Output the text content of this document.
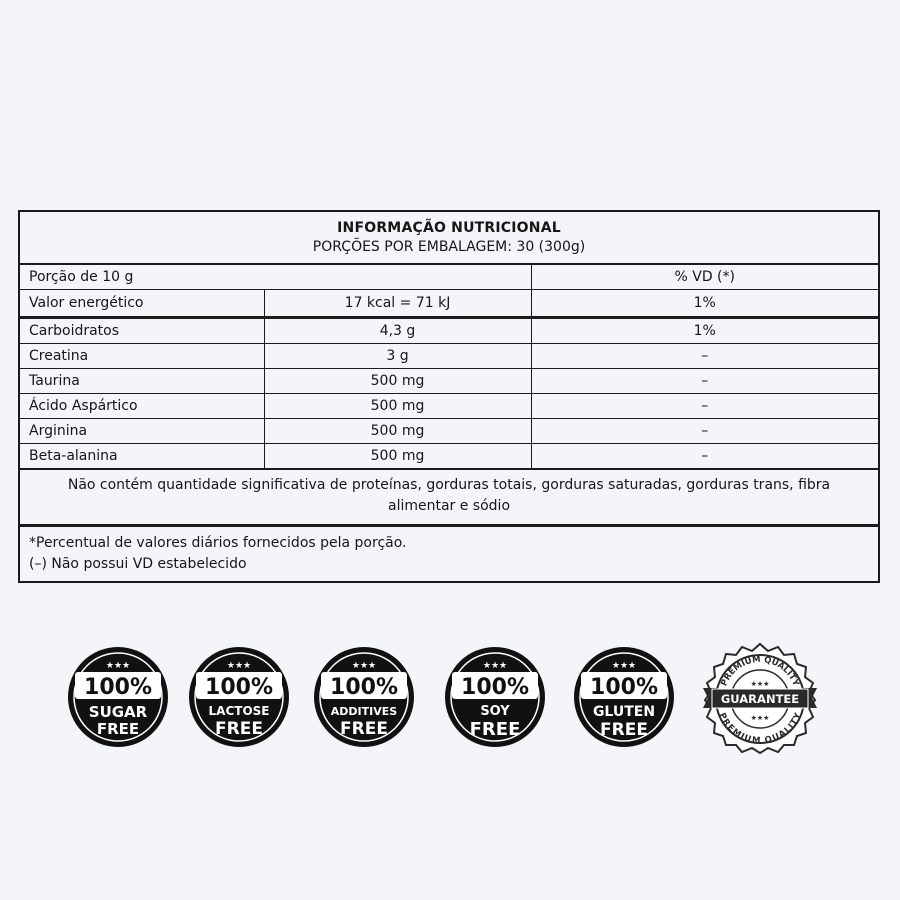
INFORMAÇÃO NUTRICIONAL
PORÇÕES POR EMBALAGEM: 30 (300g)
Porção de 10 g		% VD (*)
Valor energético	17 kcal = 71 kJ	1%
Carboidratos	4,3 g	1%
Creatina	3 g	–
Taurina	500 mg	–
Ácido Aspártico	500 mg	–
Arginina	500 mg	–
Beta-alanina	500 mg	–
Não contém quantidade significativa de proteínas, gorduras totais, gorduras saturadas, gorduras trans, fibra alimentar e sódio
*Percentual de valores diários fornecidos pela porção.
(–) Não possui VD estabelecido
★★★
100%
SUGAR
FREE
★★★
100%
LACTOSE
FREE
★★★
100%
ADDITIVES
FREE
★★★
100%
SOY
FREE
★★★
100%
GLUTEN
FREE
PREMIUM QUALITY
PREMIUM QUALITY
★★★
★★★
GUARANTEE
